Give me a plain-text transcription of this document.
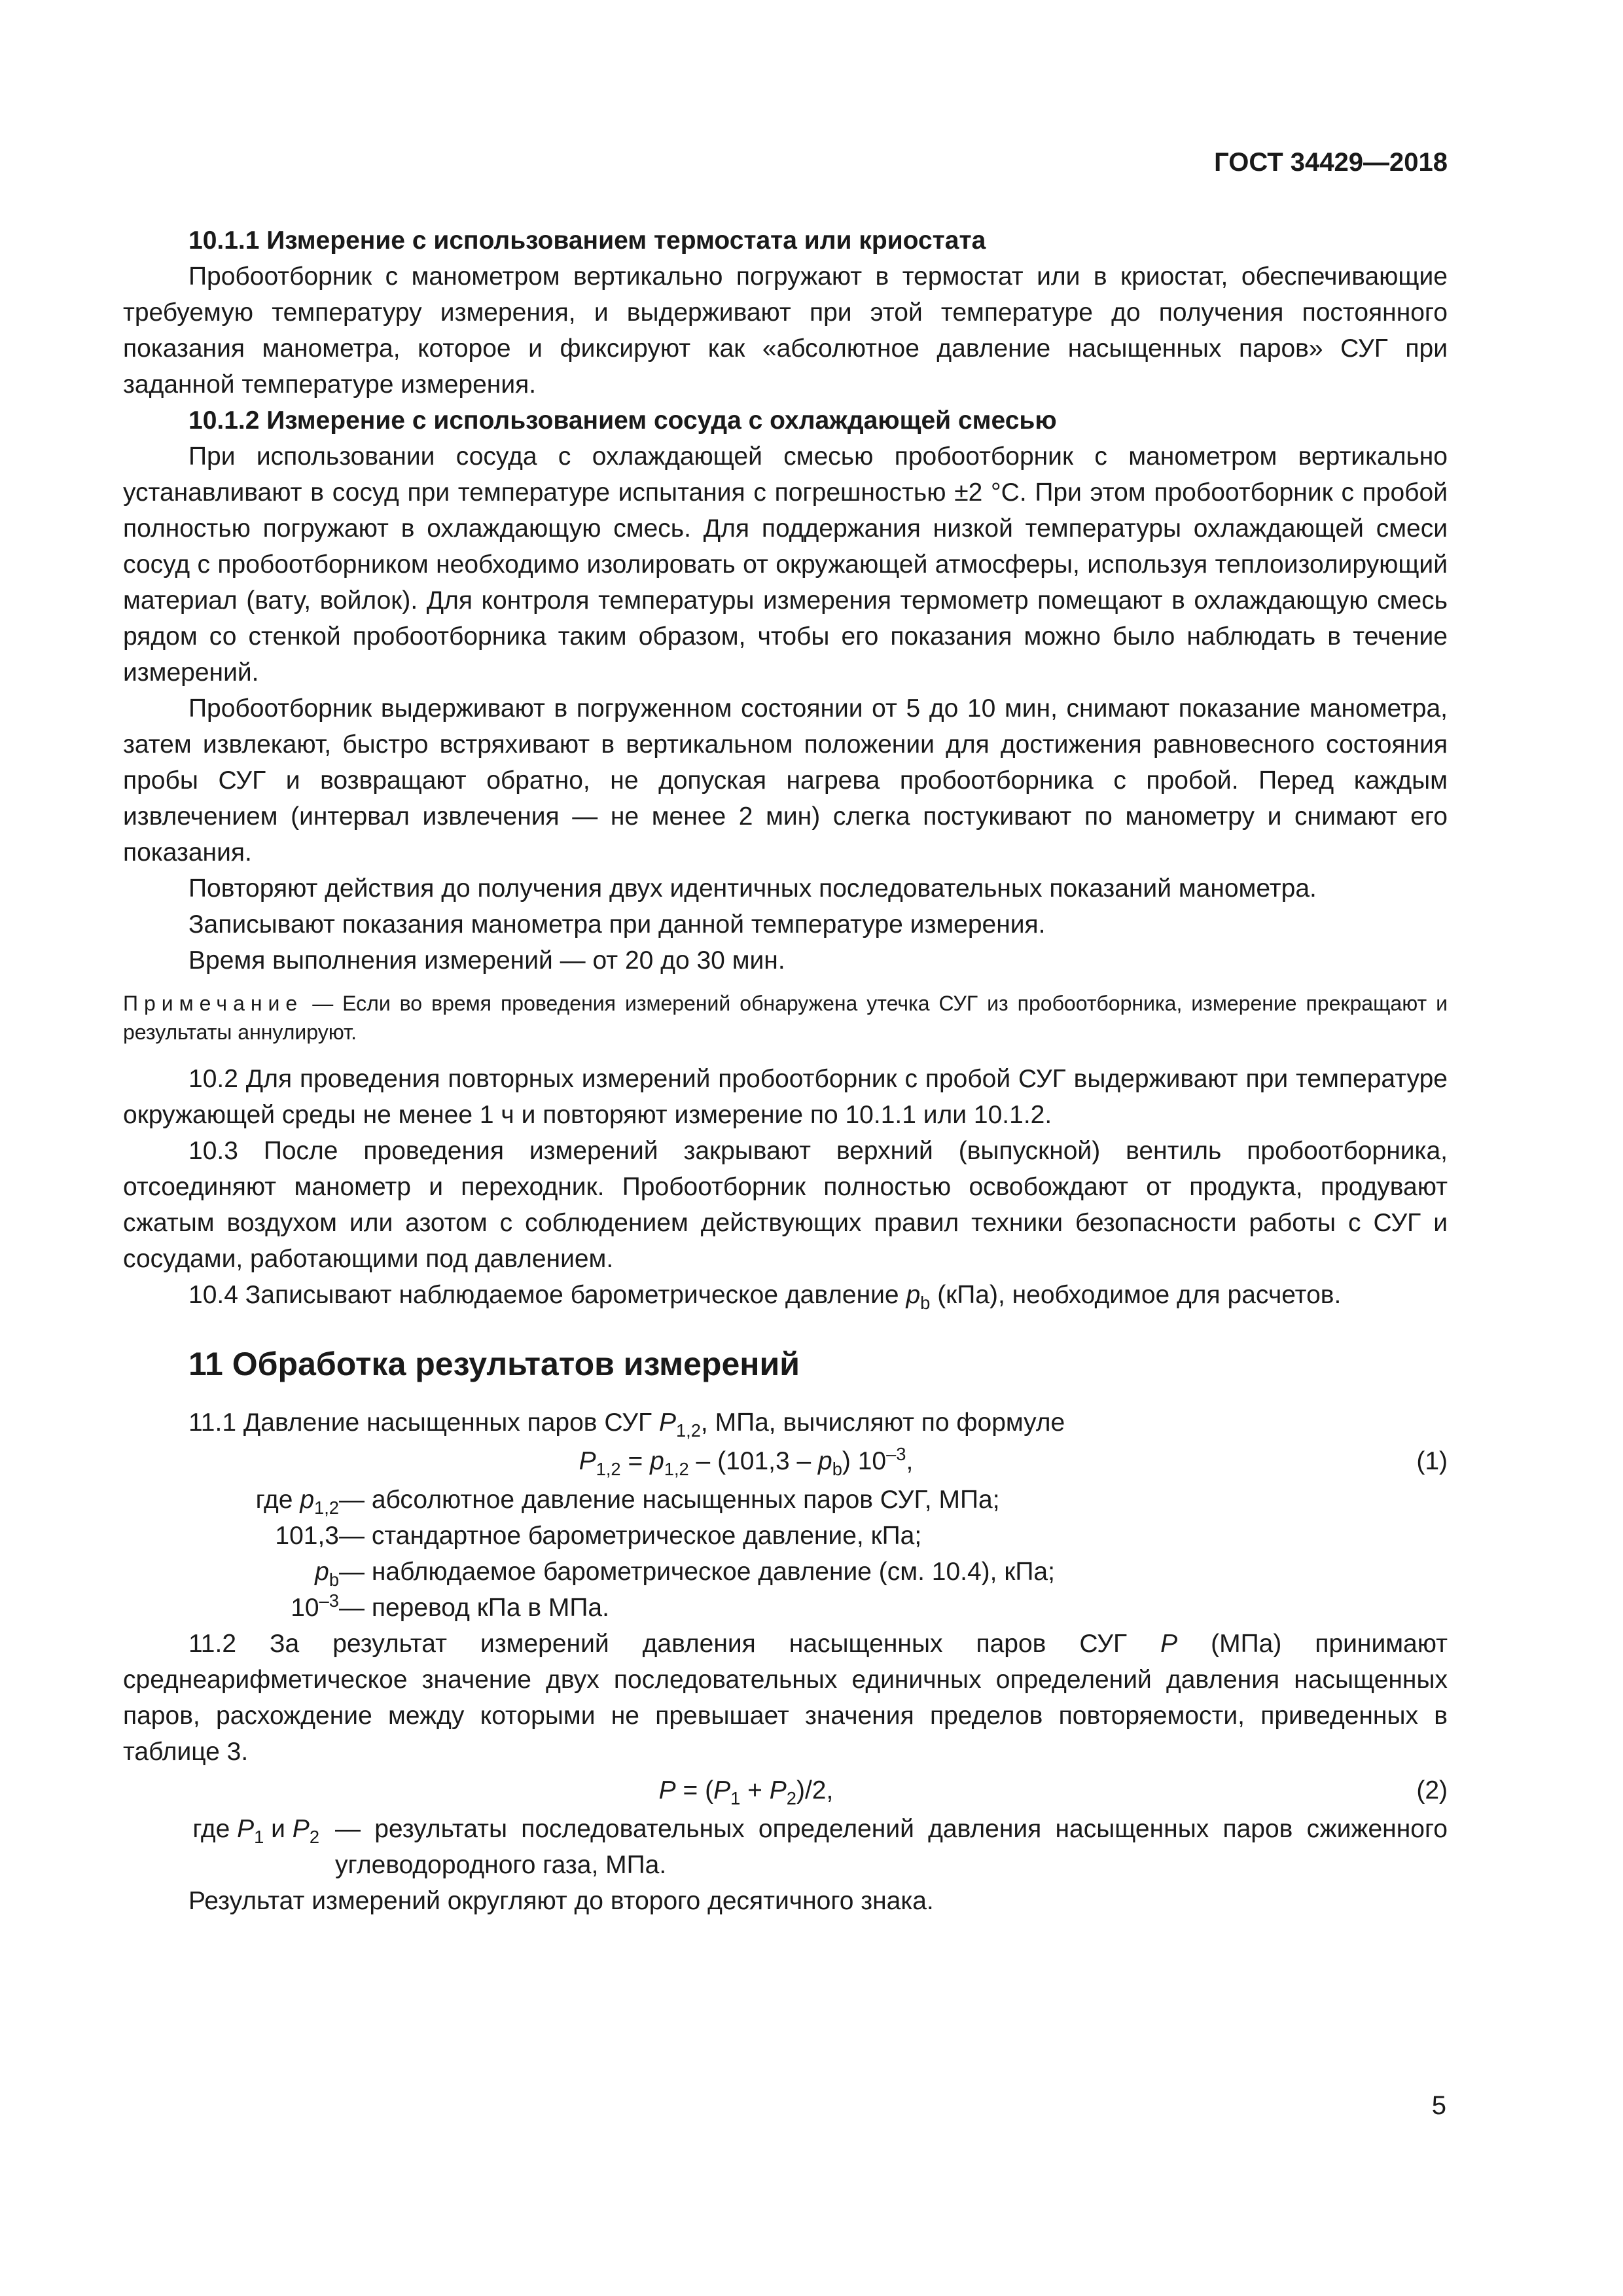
ГОСТ 34429—2018

10.1.1 Измерение с использованием термостата или криостата

Пробоотборник с манометром вертикально погружают в термостат или в криостат, обеспечивающие требуемую температуру измерения, и выдерживают при этой температуре до получения постоянного показания манометра, которое и фиксируют как «абсолютное давление насыщенных паров» СУГ при заданной температуре измерения.

10.1.2 Измерение с использованием сосуда с охлаждающей смесью

При использовании сосуда с охлаждающей смесью пробоотборник с манометром вертикально устанавливают в сосуд при температуре испытания с погрешностью ±2 °С. При этом пробоотборник с пробой полностью погружают в охлаждающую смесь. Для поддержания низкой температуры охлаждающей смеси сосуд с пробоотборником необходимо изолировать от окружающей атмосферы, используя теплоизолирующий материал (вату, войлок). Для контроля температуры измерения термометр помещают в охлаждающую смесь рядом со стенкой пробоотборника таким образом, чтобы его показания можно было наблюдать в течение измерений.

Пробоотборник выдерживают в погруженном состоянии от 5 до 10 мин, снимают показание манометра, затем извлекают, быстро встряхивают в вертикальном положении для достижения равновесного состояния пробы СУГ и возвращают обратно, не допуская нагрева пробоотборника с пробой. Перед каждым извлечением (интервал извлечения — не менее 2 мин) слегка постукивают по манометру и снимают его показания.

Повторяют действия до получения двух идентичных последовательных показаний манометра.

Записывают показания манометра при данной температуре измерения.

Время выполнения измерений — от 20 до 30 мин.

Примечание — Если во время проведения измерений обнаружена утечка СУГ из пробоотборника, измерение прекращают и результаты аннулируют.

10.2 Для проведения повторных измерений пробоотборник с пробой СУГ выдерживают при температуре окружающей среды не менее 1 ч и повторяют измерение по 10.1.1 или 10.1.2.

10.3 После проведения измерений закрывают верхний (выпускной) вентиль пробоотборника, отсоединяют манометр и переходник. Пробоотборник полностью освобождают от продукта, продувают сжатым воздухом или азотом с соблюдением действующих правил техники безопасности работы с СУГ и сосудами, работающими под давлением.

10.4 Записывают наблюдаемое барометрическое давление $p_b$ (кПа), необходимое для расчетов.

11 Обработка результатов измерений

11.1 Давление насыщенных паров СУГ $P_{1,2}$, МПа, вычисляют по формуле

$P_{1,2} = p_{1,2} - (101,3 - p_b)$ $10^{-3}$,	(1)
где $p_{1,2}$ — абсолютное давление насыщенных паров СУГ, МПа;
101,3 — стандартное барометрическое давление, кПа;
$p_b$ — наблюдаемое барометрическое давление (см. 10.4), кПа;
$10^{-3}$ — перевод кПа в МПа.

11.2 За результат измерений давления насыщенных паров СУГ P (МПа) принимают среднеарифметическое значение двух последовательных единичных определений давления насыщенных паров, расхождение между которыми не превышает значения пределов повторяемости, приведенных в таблице 3.

$P = (P_1 + P_2)/2$,	(2)
где $P_1$ и $P_2$ — результаты последовательных определений давления насыщенных паров сжиженного углеводородного газа, МПа.

Результат измерений округляют до второго десятичного знака.

5
